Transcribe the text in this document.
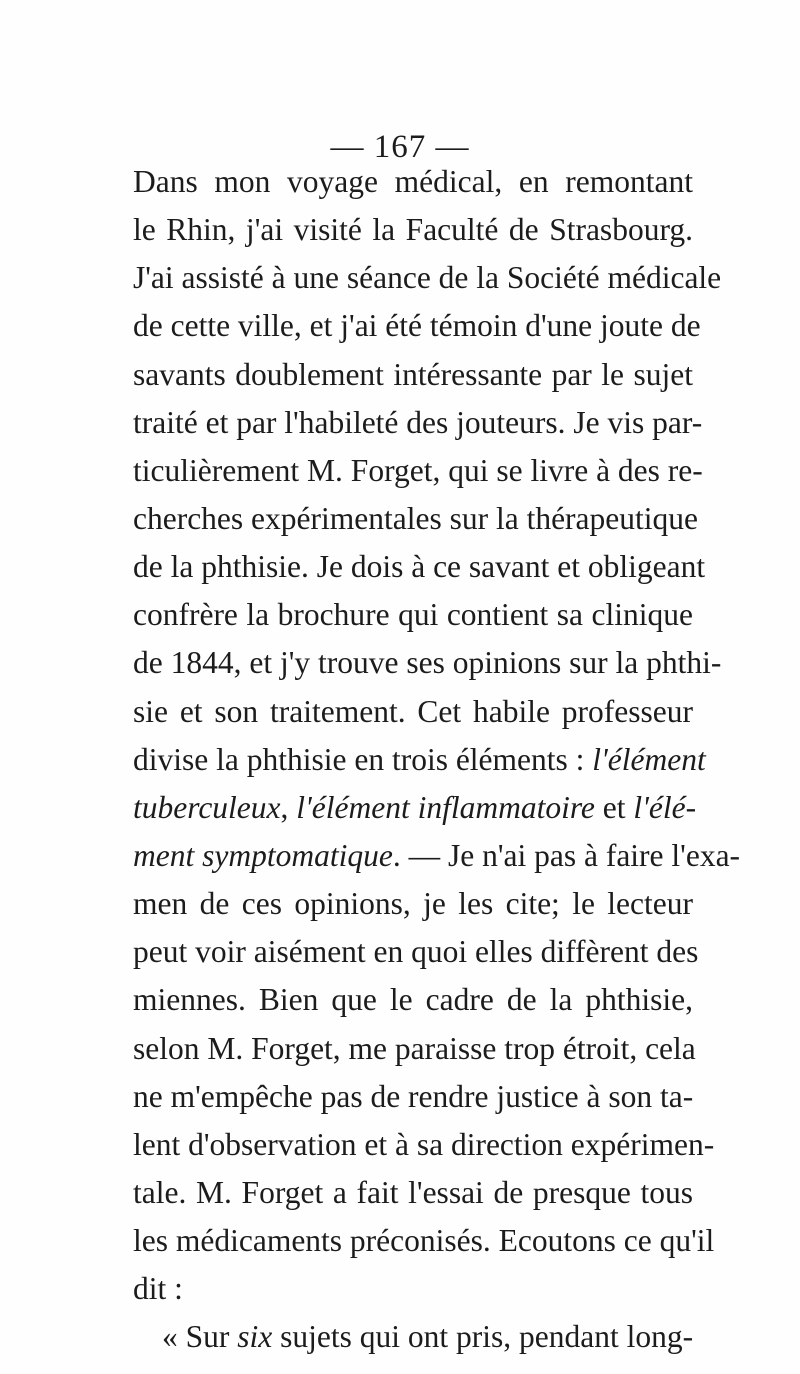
— 167 —
Dans mon voyage médical, en remontant
le Rhin, j'ai visité la Faculté de Strasbourg.
J'ai assisté à une séance de la Société médicale
de cette ville, et j'ai été témoin d'une joute de
savants doublement intéressante par le sujet
traité et par l'habileté des jouteurs. Je vis par-
ticulièrement M. Forget, qui se livre à des re-
cherches expérimentales sur la thérapeutique
de la phthisie. Je dois à ce savant et obligeant
confrère la brochure qui contient sa clinique
de 1844, et j'y trouve ses opinions sur la phthi-
sie et son traitement. Cet habile professeur
divise la phthisie en trois éléments : l'élément
tuberculeux, l'élément inflammatoire et l'élé-
ment symptomatique. — Je n'ai pas à faire l'exa-
men de ces opinions, je les cite; le lecteur
peut voir aisément en quoi elles diffèrent des
miennes. Bien que le cadre de la phthisie,
selon M. Forget, me paraisse trop étroit, cela
ne m'empêche pas de rendre justice à son ta-
lent d'observation et à sa direction expérimen-
tale. M. Forget a fait l'essai de presque tous
les médicaments préconisés. Ecoutons ce qu'il
dit :
« Sur six sujets qui ont pris, pendant long-
